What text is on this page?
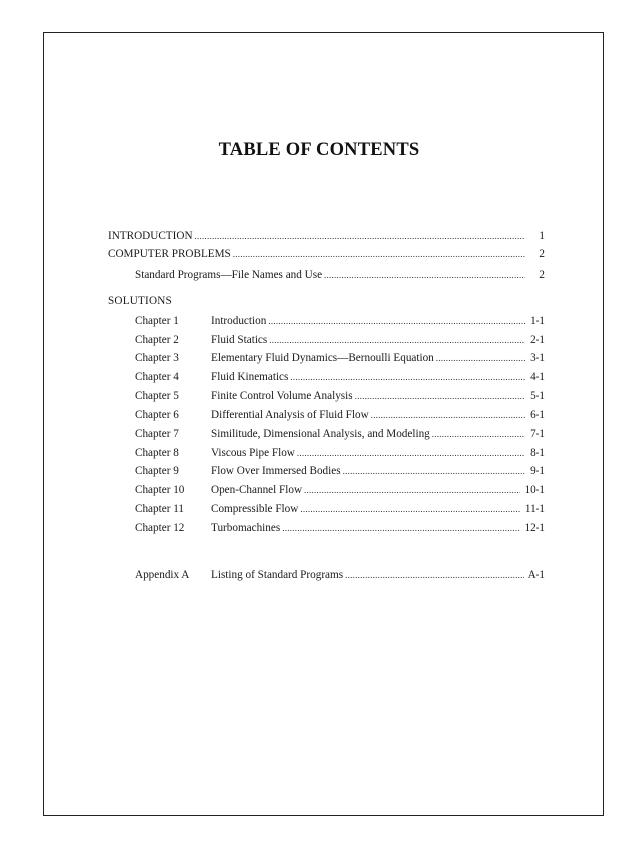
TABLE OF CONTENTS
INTRODUCTION . . .	1
COMPUTER PROBLEMS . . .	2
Standard Programs—File Names and Use . . .	2
SOLUTIONS
Chapter 1	Introduction . . .	1-1
Chapter 2	Fluid Statics . . .	2-1
Chapter 3	Elementary Fluid Dynamics—Bernoulli Equation . . .	3-1
Chapter 4	Fluid Kinematics . . .	4-1
Chapter 5	Finite Control Volume Analysis . . .	5-1
Chapter 6	Differential Analysis of Fluid Flow . . .	6-1
Chapter 7	Similitude, Dimensional Analysis, and Modeling . . .	7-1
Chapter 8	Viscous Pipe Flow . . .	8-1
Chapter 9	Flow Over Immersed Bodies . . .	9-1
Chapter 10	Open-Channel Flow . . .	10-1
Chapter 11	Compressible Flow . . .	11-1
Chapter 12	Turbomachines . . .	12-1
Appendix A	Listing of Standard Programs . . .	A-1
